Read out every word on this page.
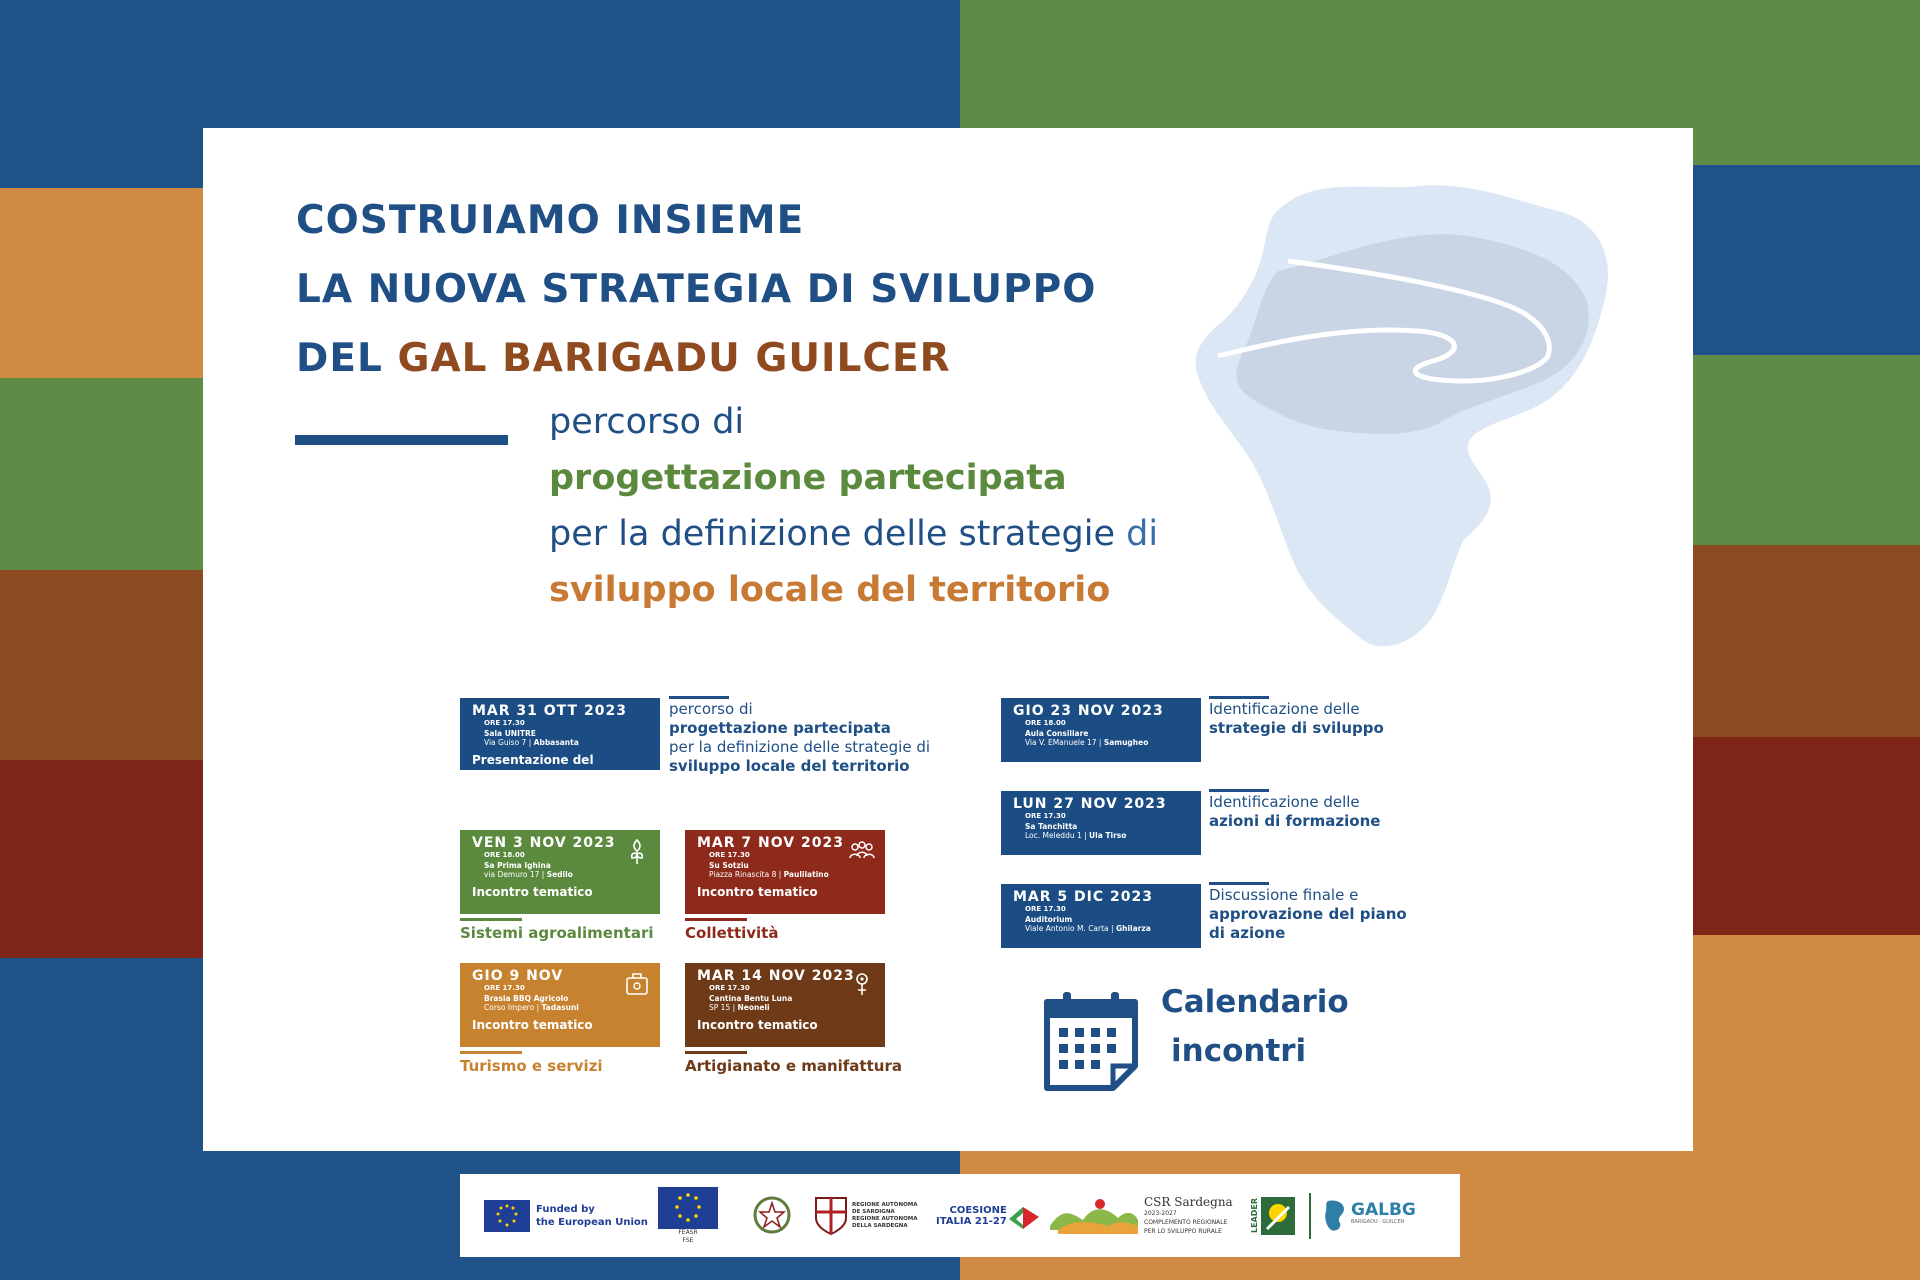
COSTRUIAMO INSIEME
LA NUOVA STRATEGIA DI SVILUPPO
DEL GAL BARIGADU GUILCER
percorso di
progettazione partecipata
per la definizione delle strategie di
sviluppo locale del territorio
MAR 31 OTT 2023
ORE 17.30
Sala UNITRE
Via Guiso 7 | Abbasanta
Presentazione del percorso
percorso di
progettazione partecipata
per la definizione delle strategie di
sviluppo locale del territorio
VEN 3 NOV 2023
ORE 18.00
Sa Prima Ighina
via Demuro 17 | Sedilo
Incontro tematico
Sistemi agroalimentari
MAR 7 NOV 2023
ORE 17.30
Su Sotziu
Piazza Rinascita 8 | Paulilatino
Incontro tematico
Collettività
GIO 9 NOV
ORE 17.30
Brasia BBQ Agricolo
Corso Impero | Tadasuni
Incontro tematico
Turismo e servizi
MAR 14 NOV 2023
ORE 17.30
Cantina Bentu Luna
SP 15 | Neoneli
Incontro tematico
Artigianato e manifattura
GIO 23 NOV 2023
ORE 18.00
Aula Consiliare
Via V. EManuele 17 | Samugheo
Identificazione delle
strategie di sviluppo
LUN 27 NOV 2023
ORE 17.30
Sa Tanchitta
Loc. Meleddu 1 | Ula Tirso
Identificazione delle
azioni di formazione
MAR 5 DIC 2023
ORE 17.30
Auditorium
Viale Antonio M. Carta | Ghilarza
Discussione finale e
approvazione del piano
di azione
Calendario
incontri
Funded by
the European Union
FEASR
FSE
REGIONE AUTÒNOMA
DE SARDIGNA
REGIONE AUTONOMA
DELLA SARDEGNA
COESIONE
ITALIA 21-27
CSR Sardegna
2023-2027
COMPLEMENTO REGIONALE
PER LO SVILUPPO RURALE	LEADER	GALBG
BARIGADU · GUILCER
